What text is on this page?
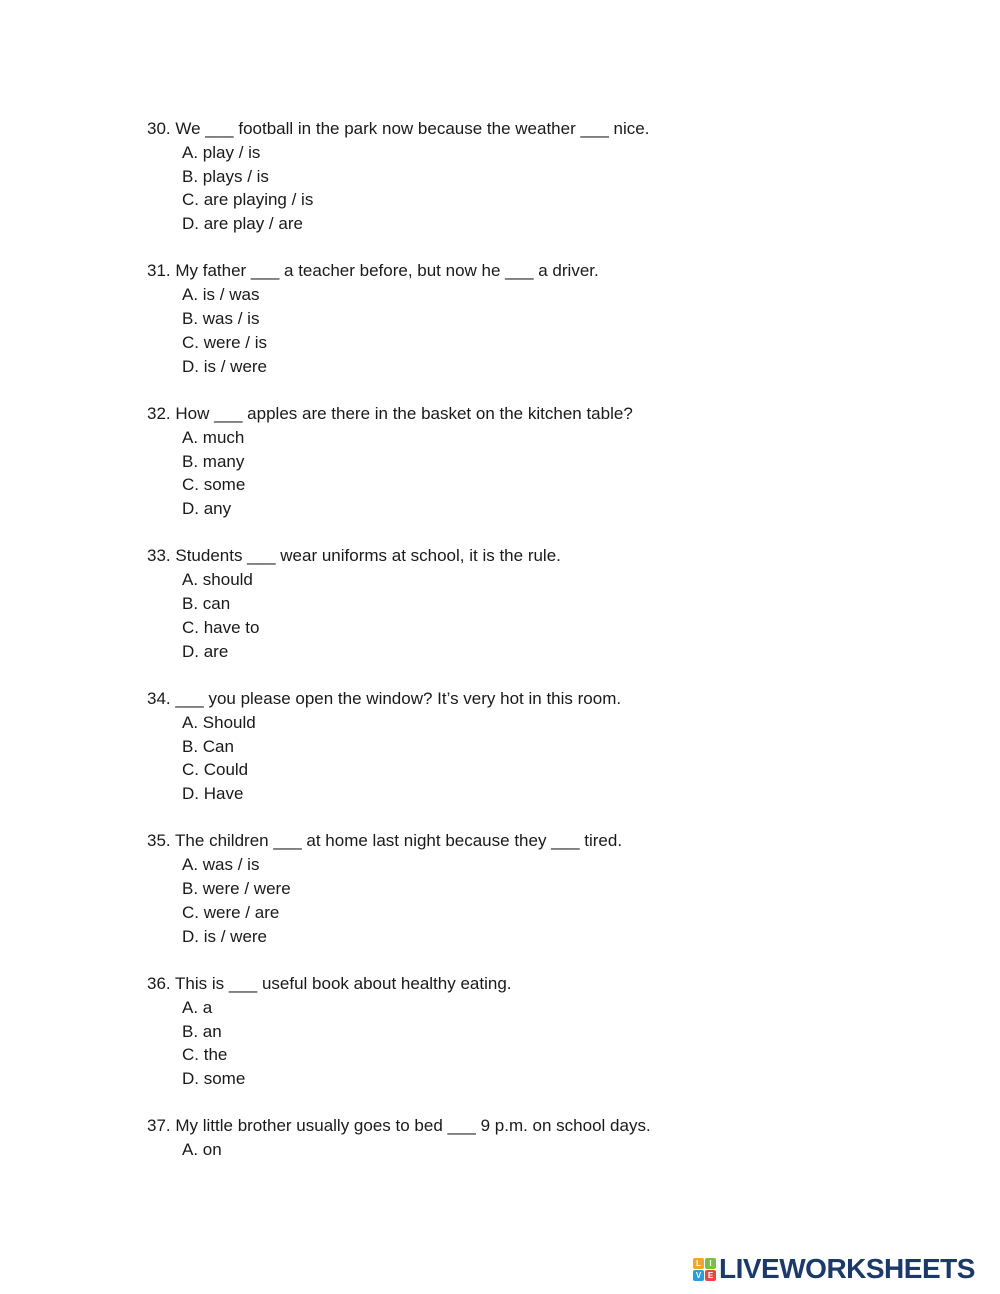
30. We ___ football in the park now because the weather ___ nice.

A. play / is

B. plays / is

C. are playing / is

D. are play / are

31. My father ___ a teacher before, but now he ___ a driver.

A. is / was

B. was / is

C. were / is

D. is / were

32. How ___ apples are there in the basket on the kitchen table?

A. much

B. many

C. some

D. any

33. Students ___ wear uniforms at school, it is the rule.

A. should

B. can

C. have to

D. are

34. ___ you please open the window? It’s very hot in this room.

A. Should

B. Can

C. Could

D. Have

35. The children ___ at home last night because they ___ tired.

A. was / is

B. were / were

C. were / are

D. is / were

36. This is ___ useful book about healthy eating.

A. a

B. an

C. the

D. some

37. My little brother usually goes to bed ___ 9 p.m. on school days.

A. on

L	I
V E LIVEWORKSHEETS
